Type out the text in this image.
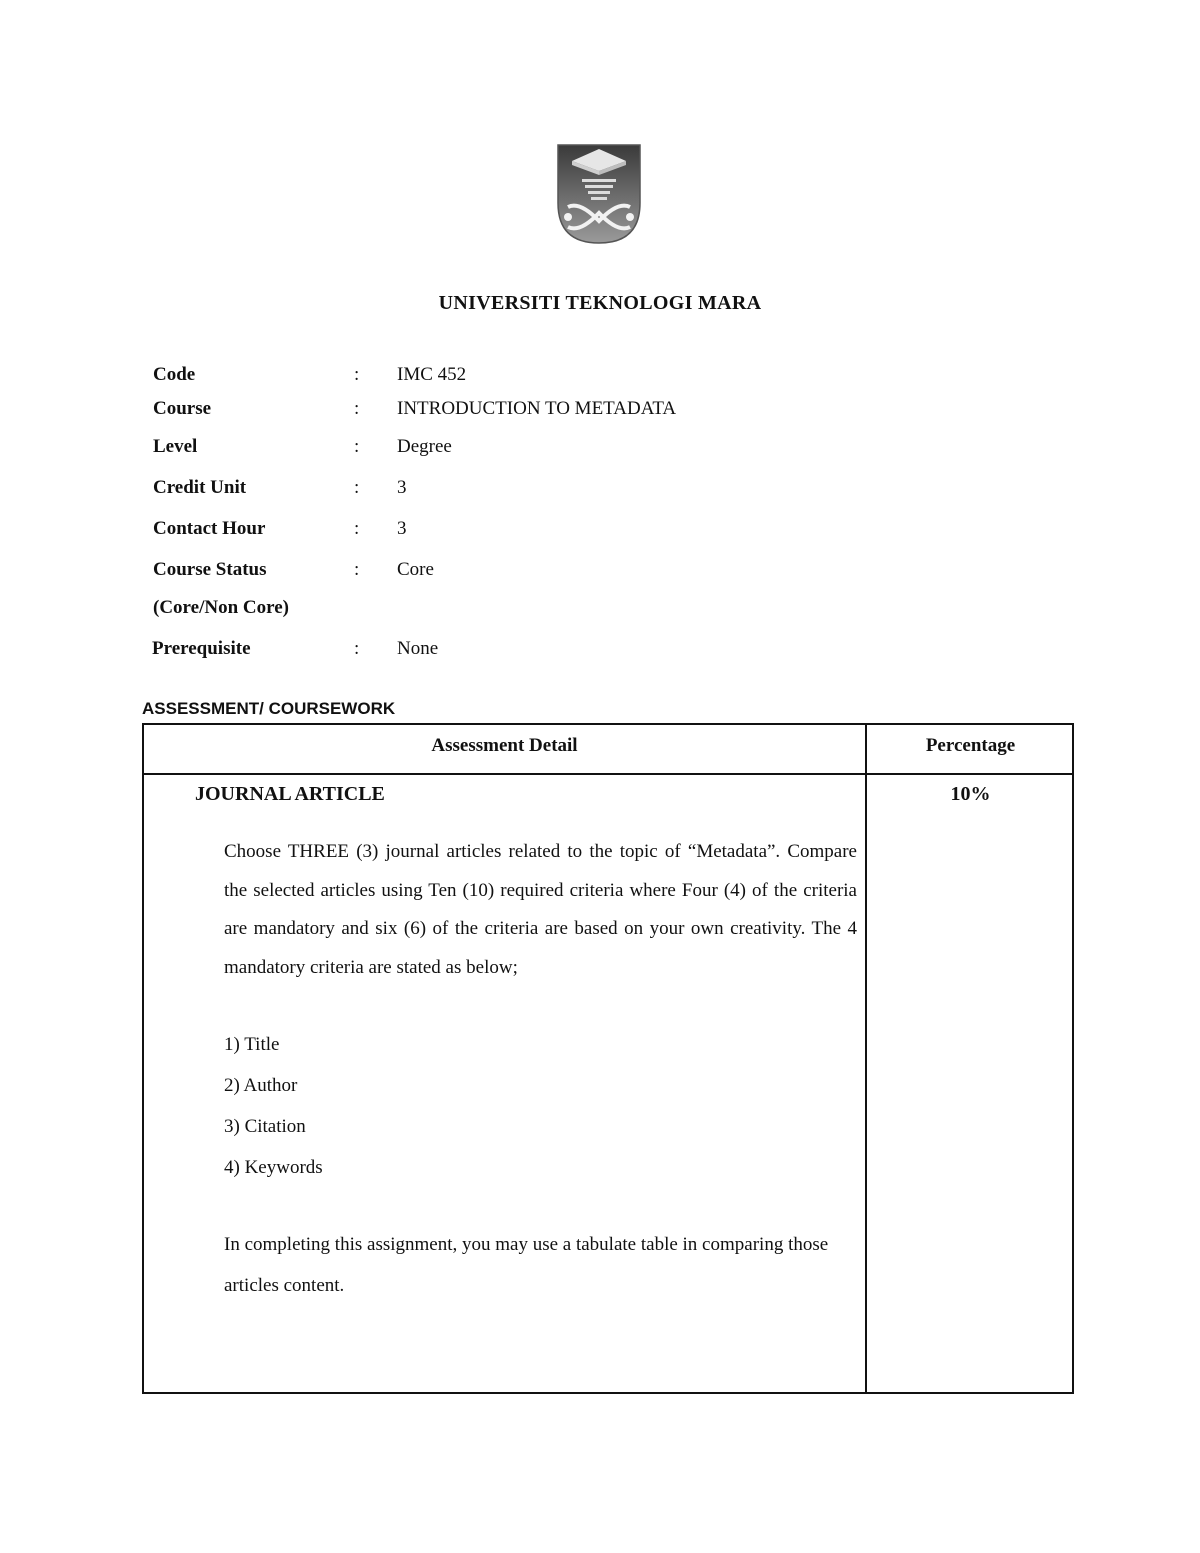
UNIVERSITI TEKNOLOGI MARA
Code	: IMC 452
Course	: INTRODUCTION TO METADATA
Level	: Degree
Credit Unit	: 3
Contact Hour	: 3
Course Status	: Core
(Core/Non Core)
Prerequisite	: None
ASSESSMENT/ COURSEWORK
Assessment Detail	Percentage
JOURNAL ARTICLE	10%

Choose THREE (3) journal articles related to the topic of “Metadata”. Compare the selected articles using Ten (10) required criteria where Four (4) of the criteria are mandatory and six (6) of the criteria are based on your own creativity. The 4 mandatory criteria are stated as below;

1) Title
2) Author
3) Citation
4) Keywords

In completing this assignment, you may use a tabulate table in comparing those articles content.
